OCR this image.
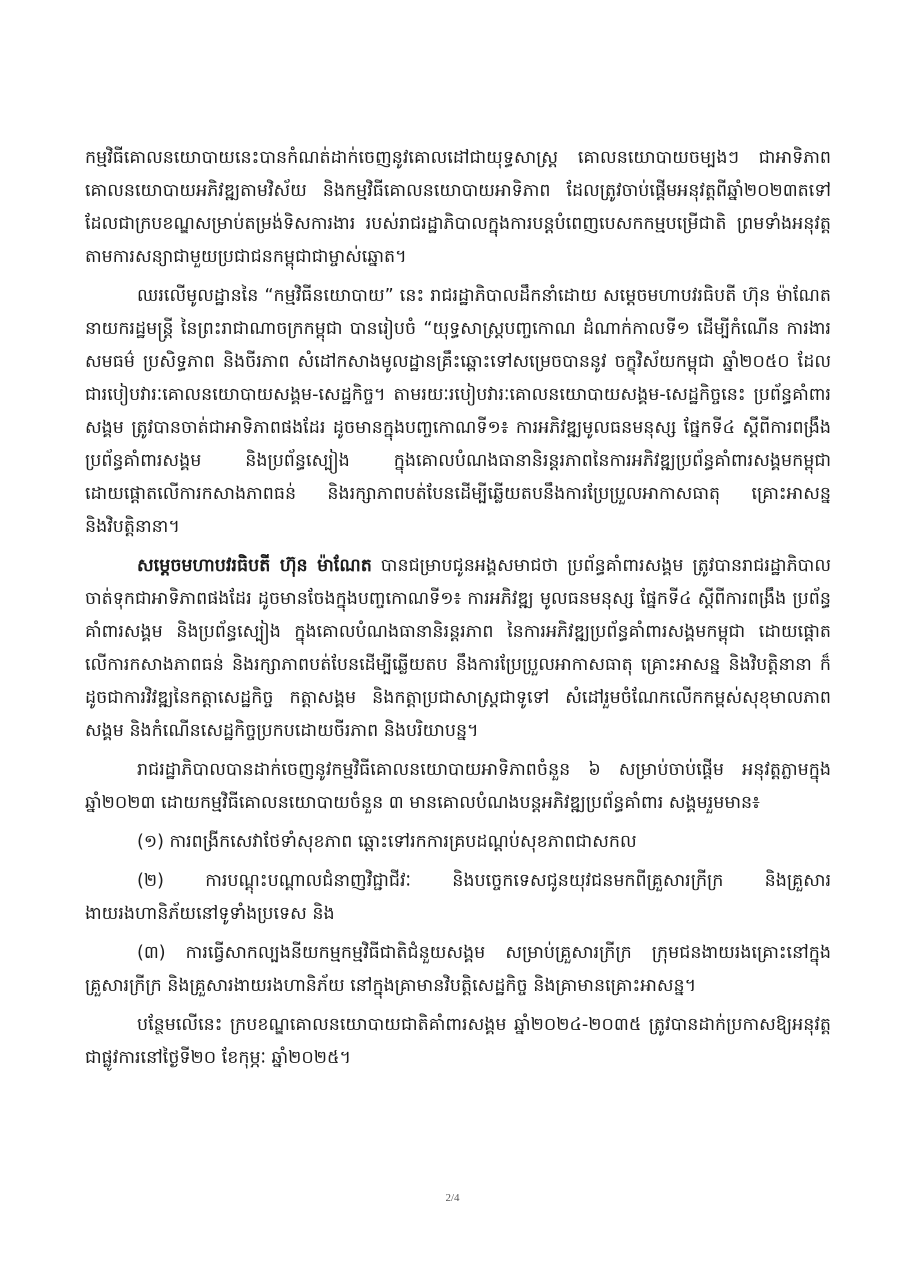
កម្មវិធីគោលនយោបាយនេះបានកំណត់ដាក់ចេញនូវគោលដៅជាយុទ្ធសាស្ត្រ គោលនយោបាយចម្បងៗ ជាអាទិភាព គោលនយោបាយអភិវឌ្ឍតាមវិស័យ និងកម្មវិធីគោលនយោបាយអាទិភាព ដែលត្រូវចាប់ផ្តើមអនុវត្តពីឆ្នាំ២០២៣តទៅ ដែលជាក្របខណ្ឌសម្រាប់តម្រង់ទិសការងារ របស់រាជរដ្ឋាភិបាលក្នុងការបន្តបំពេញបេសកកម្មបម្រើជាតិ ព្រមទាំងអនុវត្តតាមការសន្យាជាមួយប្រជាជនកម្ពុជាជាម្ចាស់ឆ្នោត។

ឈរលើមូលដ្ឋាននៃ “កម្មវិធីនយោបាយ” នេះ រាជរដ្ឋាភិបាលដឹកនាំដោយ សម្តេចមហាបវរធិបតី ហ៊ុន ម៉ាណែត នាយករដ្ឋមន្ត្រី នៃព្រះរាជាណាចក្រកម្ពុជា បានរៀបចំ “យុទ្ធសាស្ត្របញ្ចកោណ ដំណាក់កាលទី១ ដើម្បីកំណើន ការងារ សមធម៌ ប្រសិទ្ធភាព និងចីរភាព សំដៅកសាងមូលដ្ឋានគ្រឹះឆ្ពោះទៅសម្រេចបាននូវ ចក្ខុវិស័យកម្ពុជា ឆ្នាំ២០៥០ ដែលជារបៀបវារៈគោលនយោបាយសង្គម-សេដ្ឋកិច្ច។ តាមរយៈរបៀបវារៈគោលនយោបាយសង្គម-សេដ្ឋកិច្ចនេះ ប្រព័ន្ធគាំពារសង្គម ត្រូវបានចាត់ជាអាទិភាពផងដែរ ដូចមានក្នុងបញ្ចកោណទី១៖ ការអភិវឌ្ឍមូលធនមនុស្ស ផ្នែកទី៤ ស្តីពីការពង្រឹង ប្រព័ន្ធគាំពារសង្គម និងប្រព័ន្ធស្បៀង ក្នុងគោលបំណងធានានិរន្តរភាពនៃការអភិវឌ្ឍប្រព័ន្ធគាំពារសង្គមកម្ពុជា ដោយផ្តោតលើការកសាងភាពធន់ និងរក្សាភាពបត់បែនដើម្បីឆ្លើយតបនឹងការប្រែប្រួលអាកាសធាតុ គ្រោះអាសន្ន និងវិបត្តិនានា។

សម្តេចមហាបវរធិបតី ហ៊ុន ម៉ាណែត បានជម្រាបជូនអង្គសមាជថា ប្រព័ន្ធគាំពារសង្គម ត្រូវបានរាជរដ្ឋាភិបាល ចាត់ទុកជាអាទិភាពផងដែរ ដូចមានចែងក្នុងបញ្ចកោណទី១៖ ការអភិវឌ្ឍ មូលធនមនុស្ស ផ្នែកទី៤ ស្តីពីការពង្រឹង ប្រព័ន្ធគាំពារសង្គម និងប្រព័ន្ធស្បៀង ក្នុងគោលបំណងធានានិរន្តរភាព នៃការអភិវឌ្ឍប្រព័ន្ធគាំពារសង្គមកម្ពុជា ដោយផ្តោតលើការកសាងភាពធន់ និងរក្សាភាពបត់បែនដើម្បីឆ្លើយតប នឹងការប្រែប្រួលអាកាសធាតុ គ្រោះអាសន្ន និងវិបត្តិនានា ក៏ដូចជាការវិវឌ្ឍនៃកត្តាសេដ្ឋកិច្ច កត្តាសង្គម និងកត្តាប្រជាសាស្ត្រជាទូទៅ សំដៅរួមចំណែកលើកកម្ពស់សុខុមាលភាពសង្គម និងកំណើនសេដ្ឋកិច្ចប្រកបដោយចីរភាព និងបរិយាបន្ន។

រាជរដ្ឋាភិបាលបានដាក់ចេញនូវកម្មវិធីគោលនយោបាយអាទិភាពចំនួន ៦ សម្រាប់ចាប់ផ្តើម អនុវត្តភ្លាមក្នុងឆ្នាំ២០២៣ ដោយកម្មវិធីគោលនយោបាយចំនួន ៣ មានគោលបំណងបន្តអភិវឌ្ឍប្រព័ន្ធគាំពារ សង្គមរួមមាន៖

(១) ការពង្រីកសេវាថែទាំសុខភាព ឆ្ពោះទៅរកការគ្របដណ្តប់សុខភាពជាសកល

(២) ការបណ្តុះបណ្តាលជំនាញវិជ្ជាជីវៈ និងបច្ចេកទេសជូនយុវជនមកពីគ្រួសារក្រីក្រ និងគ្រួសារងាយរងហានិភ័យនៅទូទាំងប្រទេស និង

(៣) ការធ្វើសាកល្បងនីយកម្មកម្មវិធីជាតិជំនួយសង្គម សម្រាប់គ្រួសារក្រីក្រ ក្រុមជនងាយរងគ្រោះនៅក្នុងគ្រួសារក្រីក្រ និងគ្រួសារងាយរងហានិភ័យ នៅក្នុងគ្រាមានវិបត្តិសេដ្ឋកិច្ច និងគ្រាមានគ្រោះអាសន្ន។

បន្ថែមលើនេះ ក្របខណ្ឌគោលនយោបាយជាតិគាំពារសង្គម ឆ្នាំ២០២៤-២០៣៥ ត្រូវបានដាក់ប្រកាសឱ្យអនុវត្តជាផ្លូវការនៅថ្ងៃទី២០ ខែកុម្ភៈ ឆ្នាំ២០២៥។

2/4
